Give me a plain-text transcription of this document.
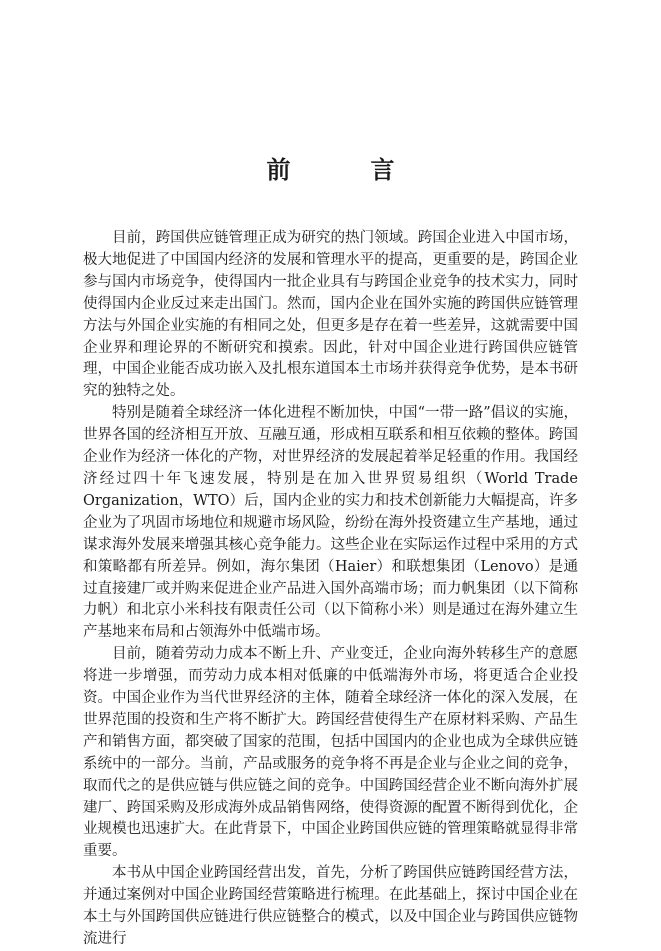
前　言

目前，跨国供应链管理正成为研究的热门领域。跨国企业进入中国市场，极大地促进了中国国内经济的发展和管理水平的提高，更重要的是，跨国企业参与国内市场竞争，使得国内一批企业具有与跨国企业竞争的技术实力，同时使得国内企业反过来走出国门。然而，国内企业在国外实施的跨国供应链管理方法与外国企业实施的有相同之处，但更多是存在着一些差异，这就需要中国企业界和理论界的不断研究和摸索。因此，针对中国企业进行跨国供应链管理，中国企业能否成功嵌入及扎根东道国本土市场并获得竞争优势，是本书研究的独特之处。

特别是随着全球经济一体化进程不断加快，中国“一带一路”倡议的实施，世界各国的经济相互开放、互融互通，形成相互联系和相互依赖的整体。跨国企业作为经济一体化的产物，对世界经济的发展起着举足轻重的作用。我国经济经过四十年飞速发展，特别是在加入世界贸易组织（World Trade Organization，WTO）后，国内企业的实力和技术创新能力大幅提高，许多企业为了巩固市场地位和规避市场风险，纷纷在海外投资建立生产基地，通过谋求海外发展来增强其核心竞争能力。这些企业在实际运作过程中采用的方式和策略都有所差异。例如，海尔集团（Haier）和联想集团（Lenovo）是通过直接建厂或并购来促进企业产品进入国外高端市场；而力帆集团（以下简称力帆）和北京小米科技有限责任公司（以下简称小米）则是通过在海外建立生产基地来布局和占领海外中低端市场。

目前，随着劳动力成本不断上升、产业变迁，企业向海外转移生产的意愿将进一步增强，而劳动力成本相对低廉的中低端海外市场，将更适合企业投资。中国企业作为当代世界经济的主体，随着全球经济一体化的深入发展，在世界范围的投资和生产将不断扩大。跨国经营使得生产在原材料采购、产品生产和销售方面，都突破了国家的范围，包括中国国内的企业也成为全球供应链系统中的一部分。当前，产品或服务的竞争将不再是企业与企业之间的竞争，取而代之的是供应链与供应链之间的竞争。中国跨国经营企业不断向海外扩展建厂、跨国采购及形成海外成品销售网络，使得资源的配置不断得到优化，企业规模也迅速扩大。在此背景下，中国企业跨国供应链的管理策略就显得非常重要。

本书从中国企业跨国经营出发，首先，分析了跨国供应链跨国经营方法，并通过案例对中国企业跨国经营策略进行梳理。在此基础上，探讨中国企业在本土与外国跨国供应链进行供应链整合的模式，以及中国企业与跨国供应链物流进行
